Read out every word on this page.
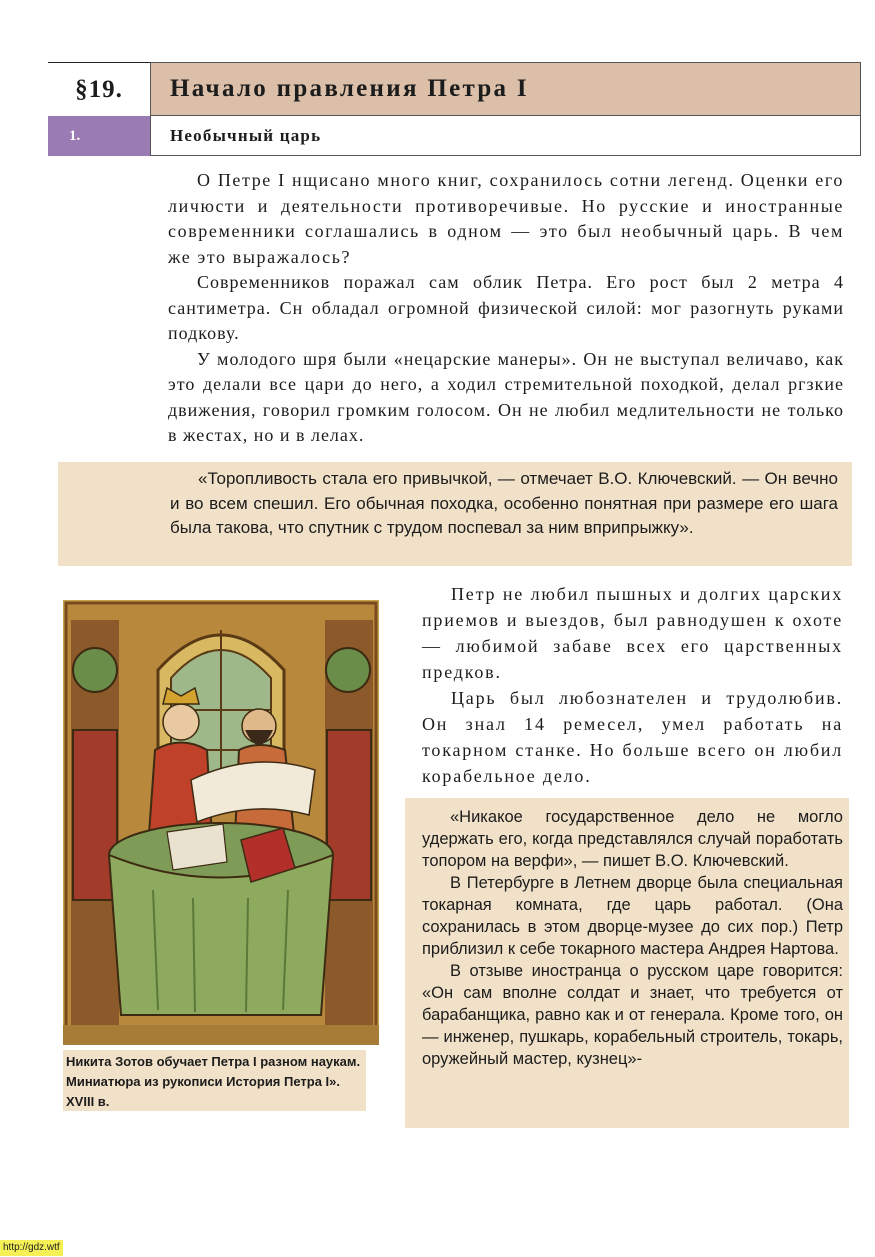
§19.	Начало правления Петра I
1.	Необычный царь

О Петре I нщисано много книг, сохранилось сотни легенд. Оценки его личюсти и деятельности противоречивые. Но русские и иностранные современники соглашались в одном — это был необычный царь. В чем же это выражалось?

Современников поражал сам облик Петра. Его рост был 2 метра 4 сантиметра. Сн обладал огромной физической силой: мог разогнуть руками подкову.

У молодого шря были «нецарские манеры». Он не выступал величаво, как это делали все цари до него, а ходил стремительной походкой, делал ргзкие движения, говорил громким голосом. Он не любил медлительности не только в жестах, но и в лелах.

«Торопливость стала его привычкой, — отмечает В.О. Ключевский. — Он вечно и во всем спешил. Его обычная походка, особенно понятная при размере его шага была такова, что спутник с трудом поспевал за ним вприпрыжку».

Никита Зотов обучает Петра I разном наукам. Миниатюра из рукописи История Петра I». XVIII в.

Петр не любил пышных и долгих царских приемов и выездов, был равнодушен к охоте — любимой забаве всех его царственных предков.

Царь был любознателен и трудолюбив. Он знал 14 ремесел, умел работать на токарном станке. Но больше всего он любил корабельное дело.

«Никакое государственное дело не могло удержать его, когда представлялся случай поработать топором на верфи», — пишет В.О. Ключевский.

В Петербурге в Летнем дворце была специальная токарная комната, где царь работал. (Она сохранилась в этом дворце-музее до сих пор.) Петр приблизил к себе токарного мастера Андрея Нартова.

В отзыве иностранца о русском царе говоритcя: «Он сам вполне солдат и знает, что требуется от барабанщика, равно как и от генерала. Кроме того, он — инженер, пушкарь, корабельный строитель, токарь, оружейный мастер, кузнец»-

http://gdz.wtf
